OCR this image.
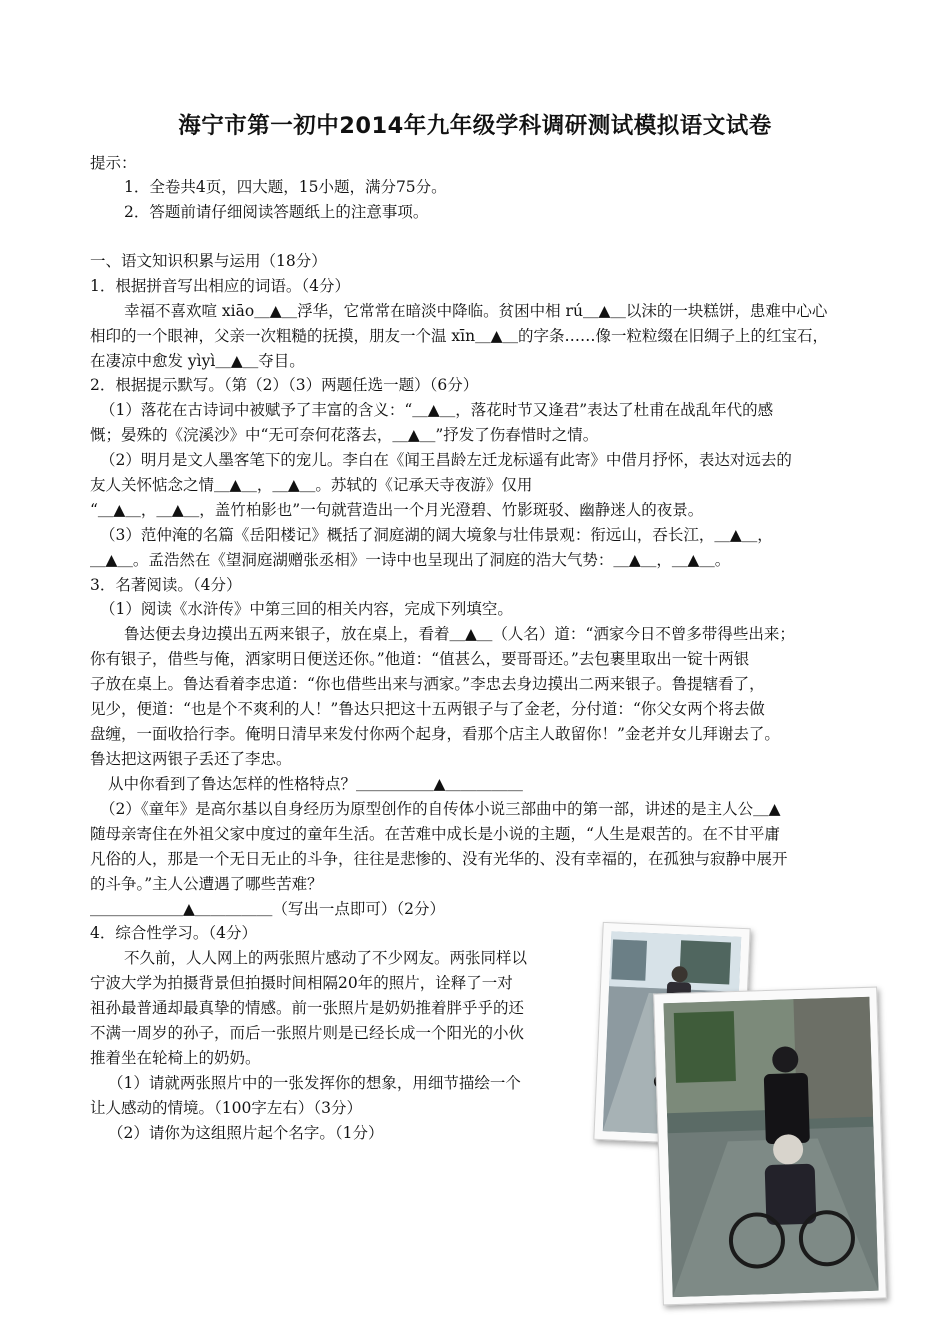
海宁市第一初中2014年九年级学科调研测试模拟语文试卷
提示：
1．全卷共4页，四大题，15小题，满分75分。
2．答题前请仔细阅读答题纸上的注意事项。
一、语文知识积累与运用（18分）
1．根据拼音写出相应的词语。（4分）
幸福不喜欢喧 xiāo＿▲＿浮华，它常常在暗淡中降临。贫困中相 rú＿▲＿以沫的一块糕饼，患难中心心
相印的一个眼神，父亲一次粗糙的抚摸，朋友一个温 xīn＿▲＿的字条……像一粒粒缀在旧绸子上的红宝石，
在凄凉中愈发 yìyì＿▲＿夺目。
2．根据提示默写。（第（2）（3）两题任选一题）（6分）
（1）落花在古诗词中被赋予了丰富的含义：“＿▲＿，落花时节又逢君”表达了杜甫在战乱年代的感
慨；晏殊的《浣溪沙》中“无可奈何花落去，＿▲＿”抒发了伤春惜时之情。
（2）明月是文人墨客笔下的宠儿。李白在《闻王昌龄左迁龙标遥有此寄》中借月抒怀，表达对远去的
友人关怀惦念之情＿▲＿，＿▲＿。苏轼的《记承天寺夜游》仅用
“＿▲＿，＿▲＿，盖竹柏影也”一句就营造出一个月光澄碧、竹影斑驳、幽静迷人的夜景。
（3）范仲淹的名篇《岳阳楼记》概括了洞庭湖的阔大境象与壮伟景观：衔远山，吞长江，＿▲＿，
＿▲＿。孟浩然在《望洞庭湖赠张丞相》一诗中也呈现出了洞庭的浩大气势：＿▲＿，＿▲＿。
3．名著阅读。（4分）
（1）阅读《水浒传》中第三回的相关内容，完成下列填空。
鲁达便去身边摸出五两来银子，放在桌上，看着＿▲＿（人名）道：“洒家今日不曾多带得些出来；
你有银子，借些与俺，洒家明日便送还你。”他道：“值甚么，要哥哥还。”去包裹里取出一锭十两银
子放在桌上。鲁达看着李忠道：“你也借些出来与洒家。”李忠去身边摸出二两来银子。鲁提辖看了，
见少，便道：“也是个不爽利的人！”鲁达只把这十五两银子与了金老，分付道：“你父女两个将去做
盘缠，一面收拾行李。俺明日清早来发付你两个起身，看那个店主人敢留你！”金老并女儿拜谢去了。
鲁达把这两银子丢还了李忠。
从中你看到了鲁达怎样的性格特点？＿＿＿＿＿▲＿＿＿＿＿
（2）《童年》是高尔基以自身经历为原型创作的自传体小说三部曲中的第一部，讲述的是主人公＿▲
随母亲寄住在外祖父家中度过的童年生活。在苦难中成长是小说的主题，“人生是艰苦的。在不甘平庸
凡俗的人，那是一个无日无止的斗争，往往是悲惨的、没有光华的、没有幸福的，在孤独与寂静中展开
的斗争。”主人公遭遇了哪些苦难？
＿＿＿＿＿＿▲＿＿＿＿＿（写出一点即可）（2分）
4．综合性学习。（4分）
不久前，人人网上的两张照片感动了不少网友。两张同样以
宁波大学为拍摄背景但拍摄时间相隔20年的照片，诠释了一对
祖孙最普通却最真挚的情感。前一张照片是奶奶推着胖乎乎的还
不满一周岁的孙子，而后一张照片则是已经长成一个阳光的小伙
推着坐在轮椅上的奶奶。
（1）请就两张照片中的一张发挥你的想象，用细节描绘一个
让人感动的情境。（100字左右）（3分）
（2）请你为这组照片起个名字。（1分）
